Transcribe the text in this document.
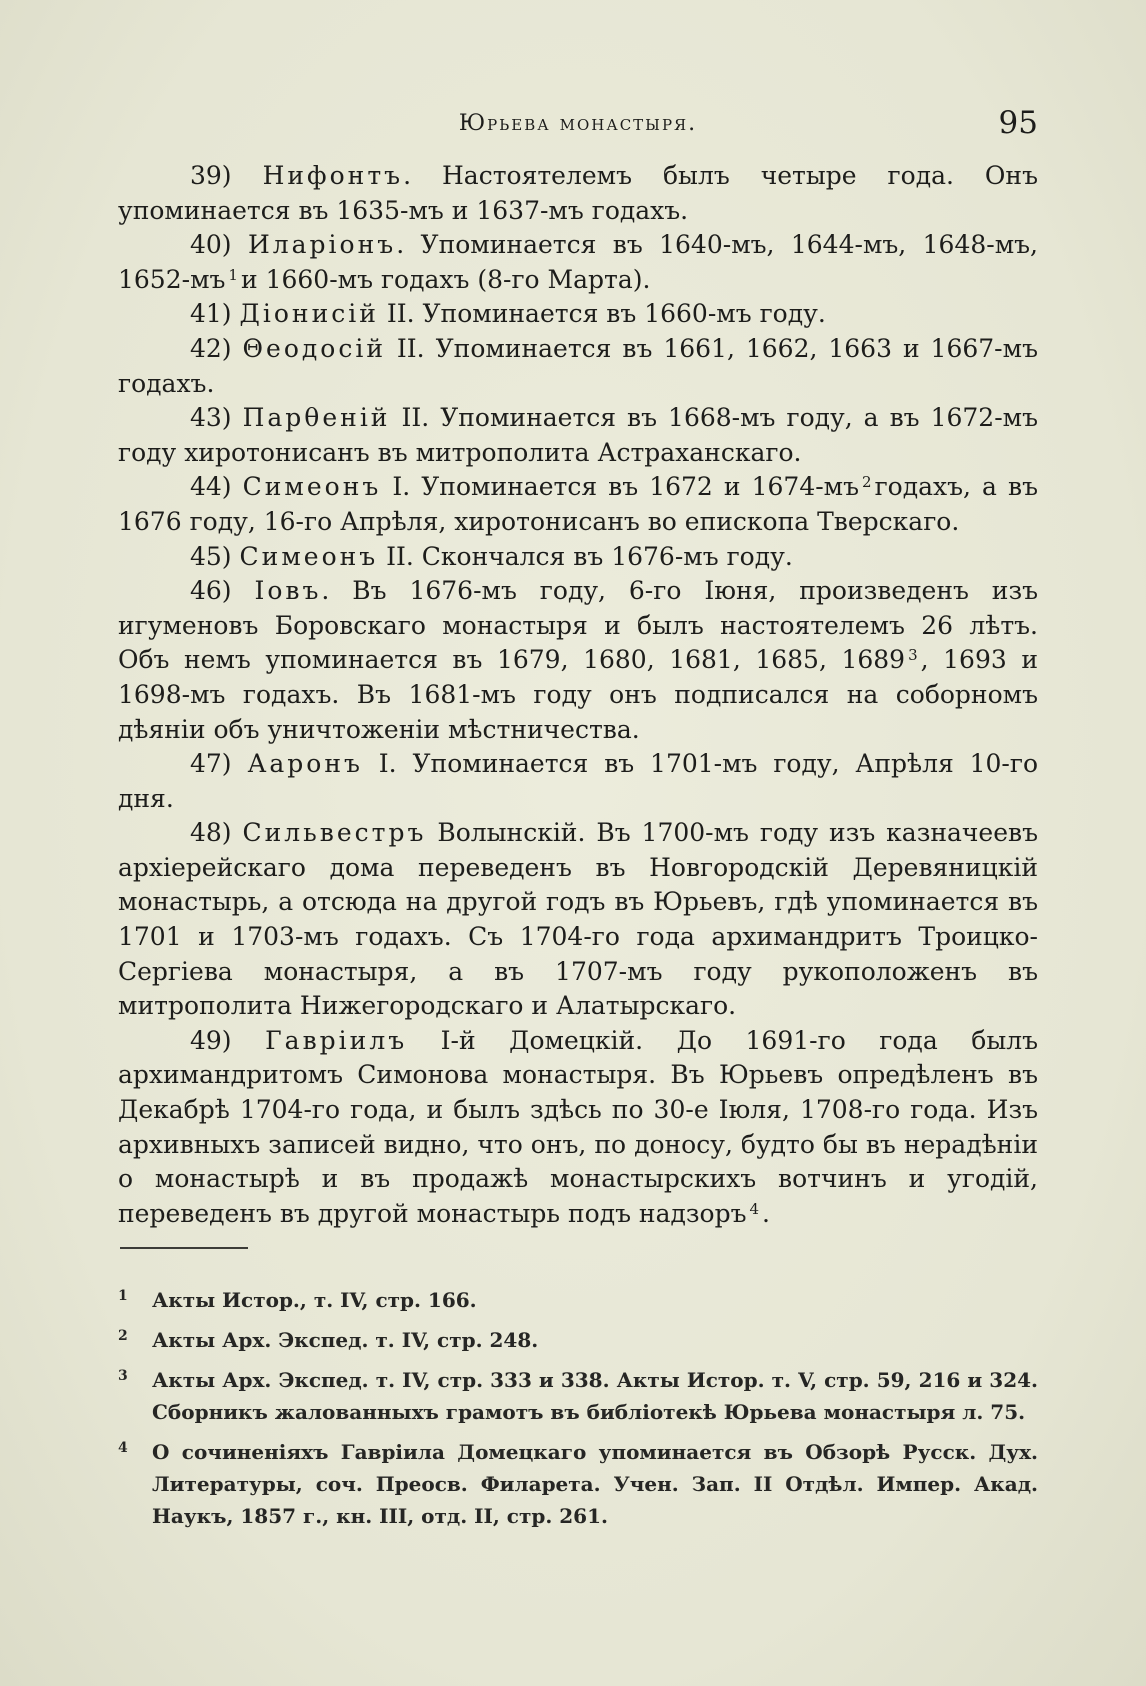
Юрьева монастыря.	95

39) Нифонтъ. Настоятелемъ былъ четыре года. Онъ упоминается въ 1635-мъ и 1637-мъ годахъ.

40) Иларіонъ. Упоминается въ 1640-мъ, 1644-мъ, 1648-мъ, 1652-мъ $^1$ и 1660-мъ годахъ (8-го Марта).

41) Діонисій II. Упоминается въ 1660-мъ году.

42) Θеодосій II. Упоминается въ 1661, 1662, 1663 и 1667-мъ годахъ.

43) Парθеній II. Упоминается въ 1668-мъ году, а въ 1672-мъ году хиротонисанъ въ митрополита Астраханскаго.

44) Симеонъ I. Упоминается въ 1672 и 1674-мъ $^2$ годахъ, а въ 1676 году, 16-го Апрѣля, хиротонисанъ во епископа Тверскаго.

45) Симеонъ II. Скончался въ 1676-мъ году.

46) Іовъ. Въ 1676-мъ году, 6-го Іюня, произведенъ изъ игуменовъ Боровскаго монастыря и былъ настоятелемъ 26 лѣтъ. Объ немъ упоминается въ 1679, 1680, 1681, 1685, 1689 $^3$ , 1693 и 1698-мъ годахъ. Въ 1681-мъ году онъ подписался на соборномъ дѣяніи объ уничтоженіи мѣстничества.

47) Ааронъ I. Упоминается въ 1701-мъ году, Апрѣля 10-го дня.

48) Сильвестръ Волынскій. Въ 1700-мъ году изъ казначеевъ архіерейскаго дома переведенъ въ Новгородскій Деревяницкій монастырь, а отсюда на другой годъ въ Юрьевъ, гдѣ упоминается въ 1701 и 1703-мъ годахъ. Съ 1704-го года архимандритъ Троицко-Сергіева монастыря, а въ 1707-мъ году рукоположенъ въ митрополита Нижегородскаго и Алатырскаго.

49) Гавріилъ I-й Домецкій. До 1691-го года былъ архимандритомъ Симонова монастыря. Въ Юрьевъ опредѣленъ въ Декабрѣ 1704-го года, и былъ здѣсь по 30-е Іюля, 1708-го года. Изъ архивныхъ записей видно, что онъ, по доносу, будто бы въ нерадѣніи о монастырѣ и въ продажѣ монастырскихъ вотчинъ и угодій, переведенъ въ другой монастырь подъ надзоръ $^4$ .

1 Акты Истор., т. IV, стр. 166.

2 Акты Арх. Экспед. т. IV, стр. 248.

3 Акты Арх. Экспед. т. IV, стр. 333 и 338. Акты Истор. т. V, стр. 59, 216 и 324. Сборникъ жалованныхъ грамотъ въ библіотекѣ Юрьева монастыря л. 75.

4 О сочиненіяхъ Гавріила Домецкаго упоминается въ Обзорѣ Русск. Дух. Литературы, соч. Преосв. Филарета. Учен. Зап. II Отдѣл. Импер. Акад. Наукъ, 1857 г., кн. III, отд. II, стр. 261.
